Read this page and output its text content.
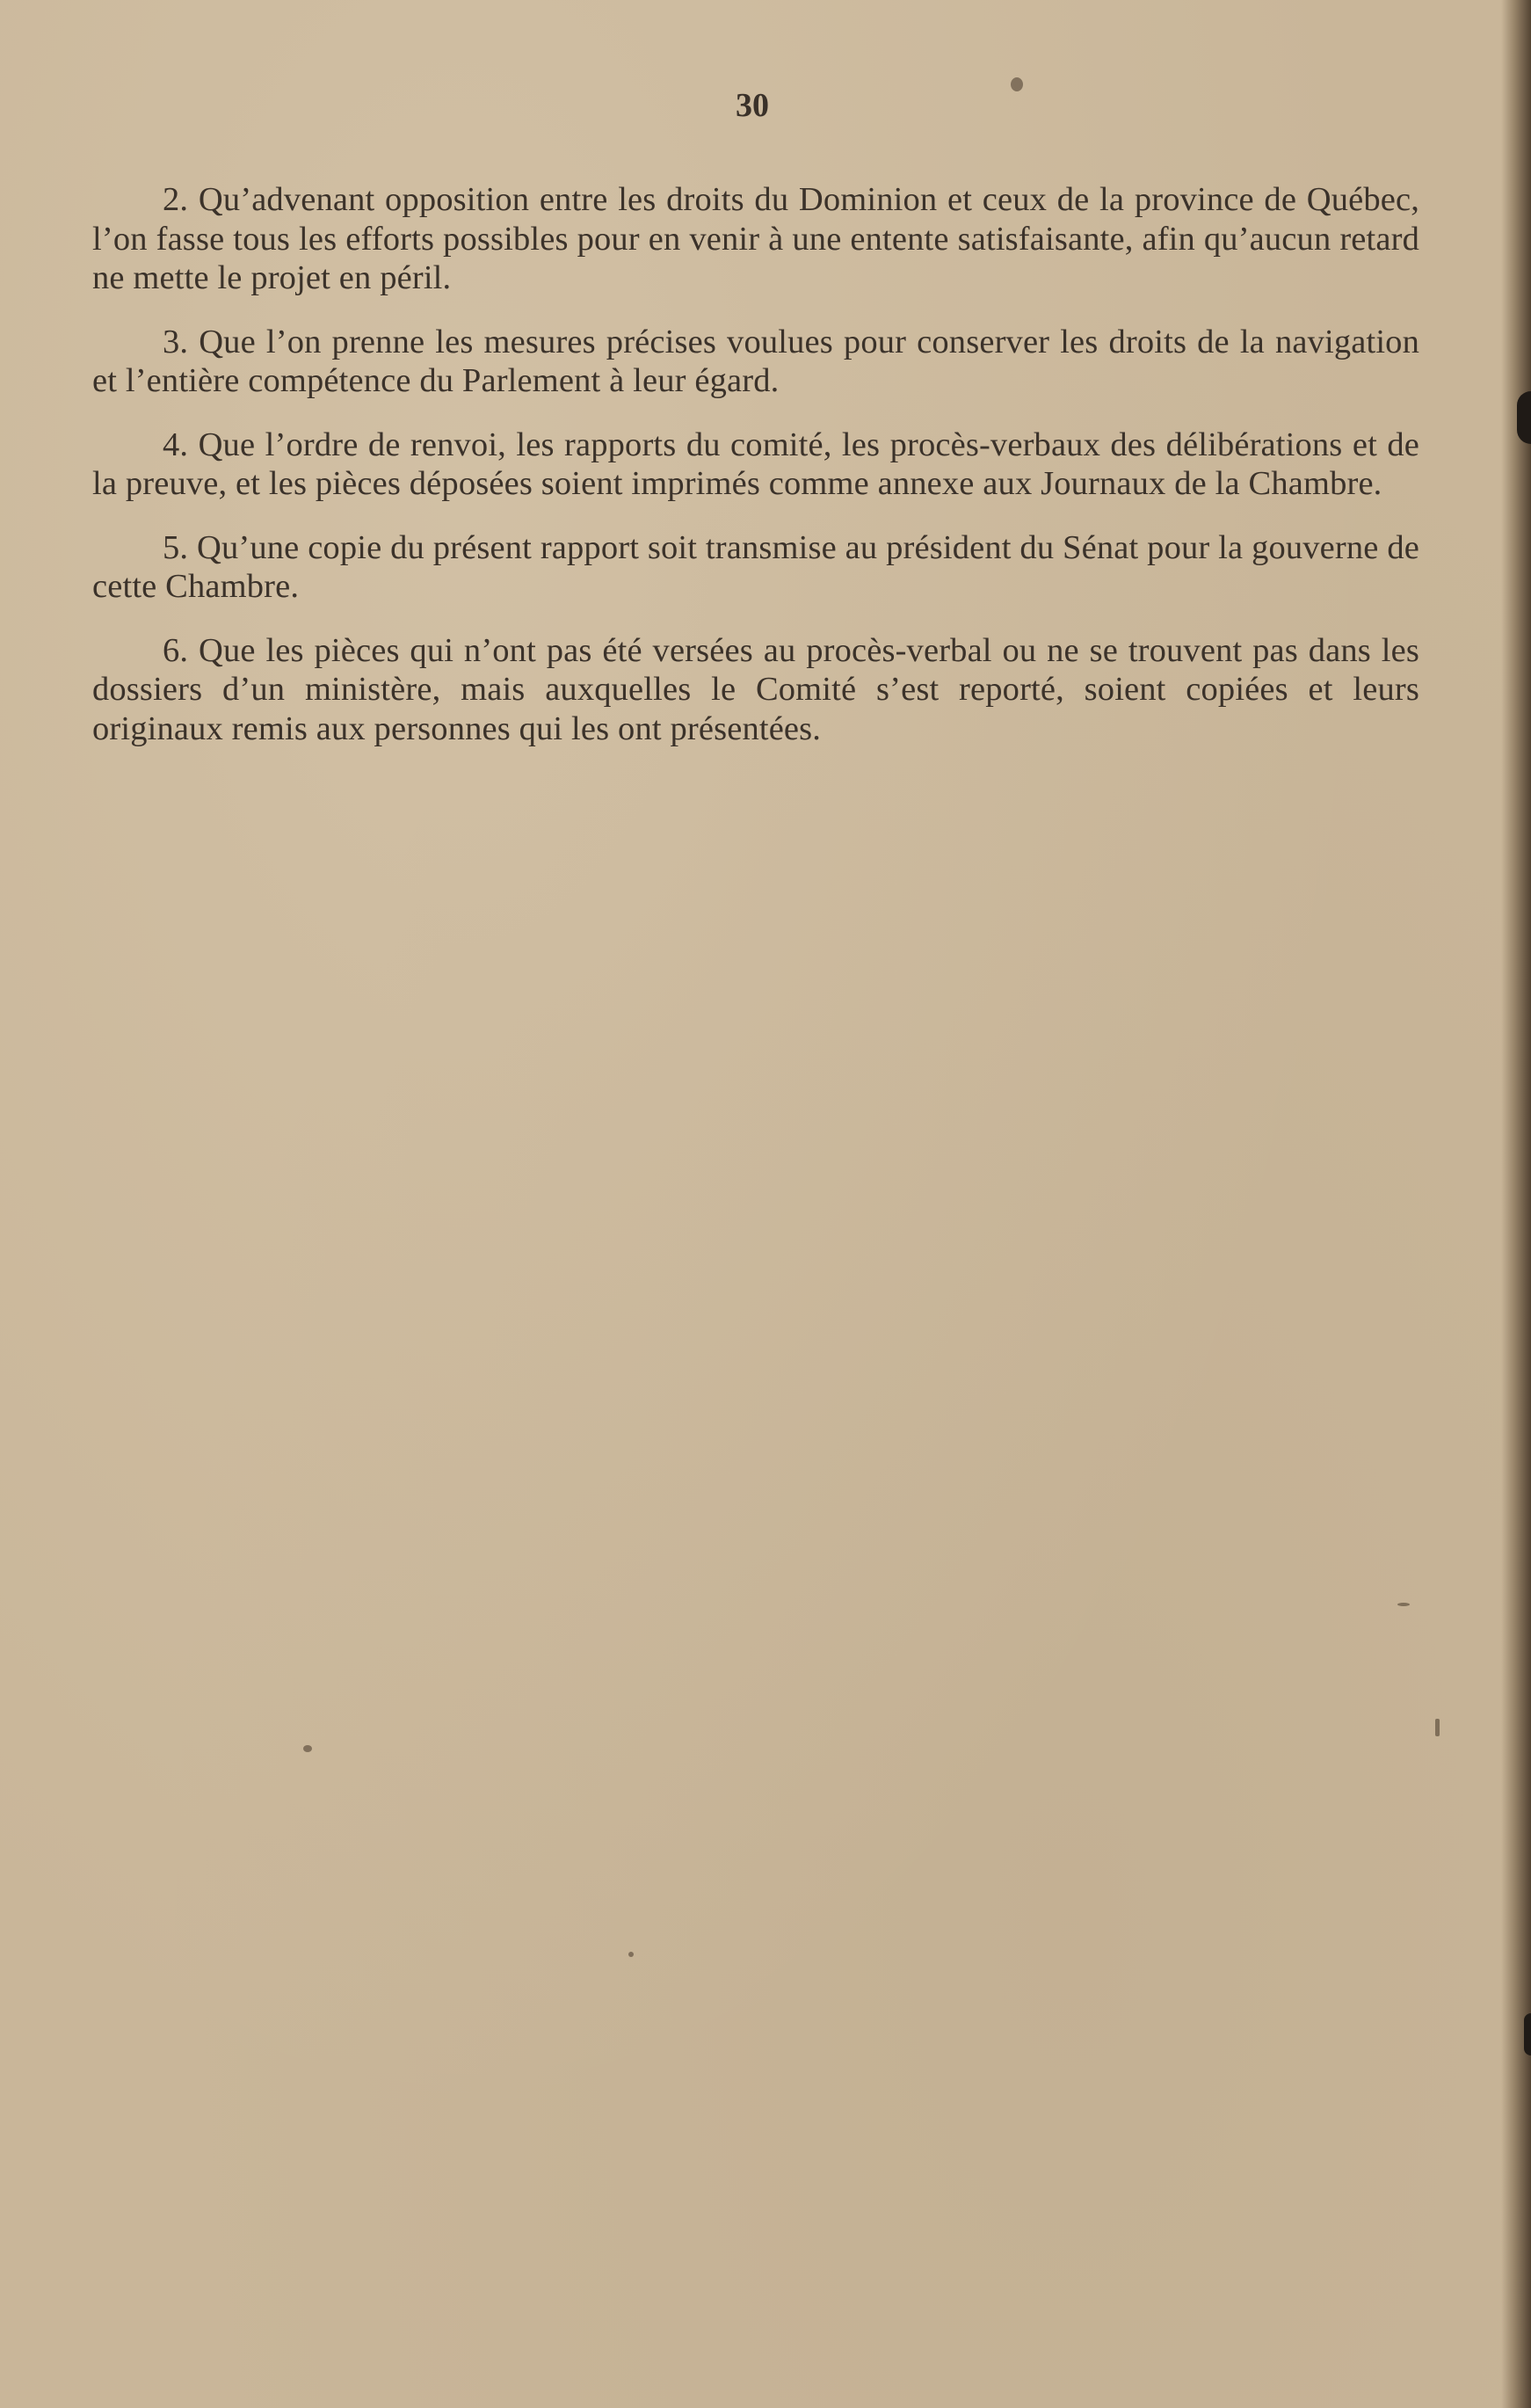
30

2. Qu’advenant opposition entre les droits du Dominion et ceux de la province de Québec, l’on fasse tous les efforts possibles pour en venir à une entente satisfaisante, afin qu’aucun retard ne mette le projet en péril.

3. Que l’on prenne les mesures précises voulues pour conserver les droits de la navigation et l’entière compétence du Parlement à leur égard.

4. Que l’ordre de renvoi, les rapports du comité, les procès-verbaux des délibérations et de la preuve, et les pièces déposées soient imprimés comme annexe aux Journaux de la Chambre.

5. Qu’une copie du présent rapport soit transmise au président du Sénat pour la gouverne de cette Chambre.

6. Que les pièces qui n’ont pas été versées au procès-verbal ou ne se trouvent pas dans les dossiers d’un ministère, mais auxquelles le Comité s’est reporté, soient copiées et leurs originaux remis aux personnes qui les ont présentées.
